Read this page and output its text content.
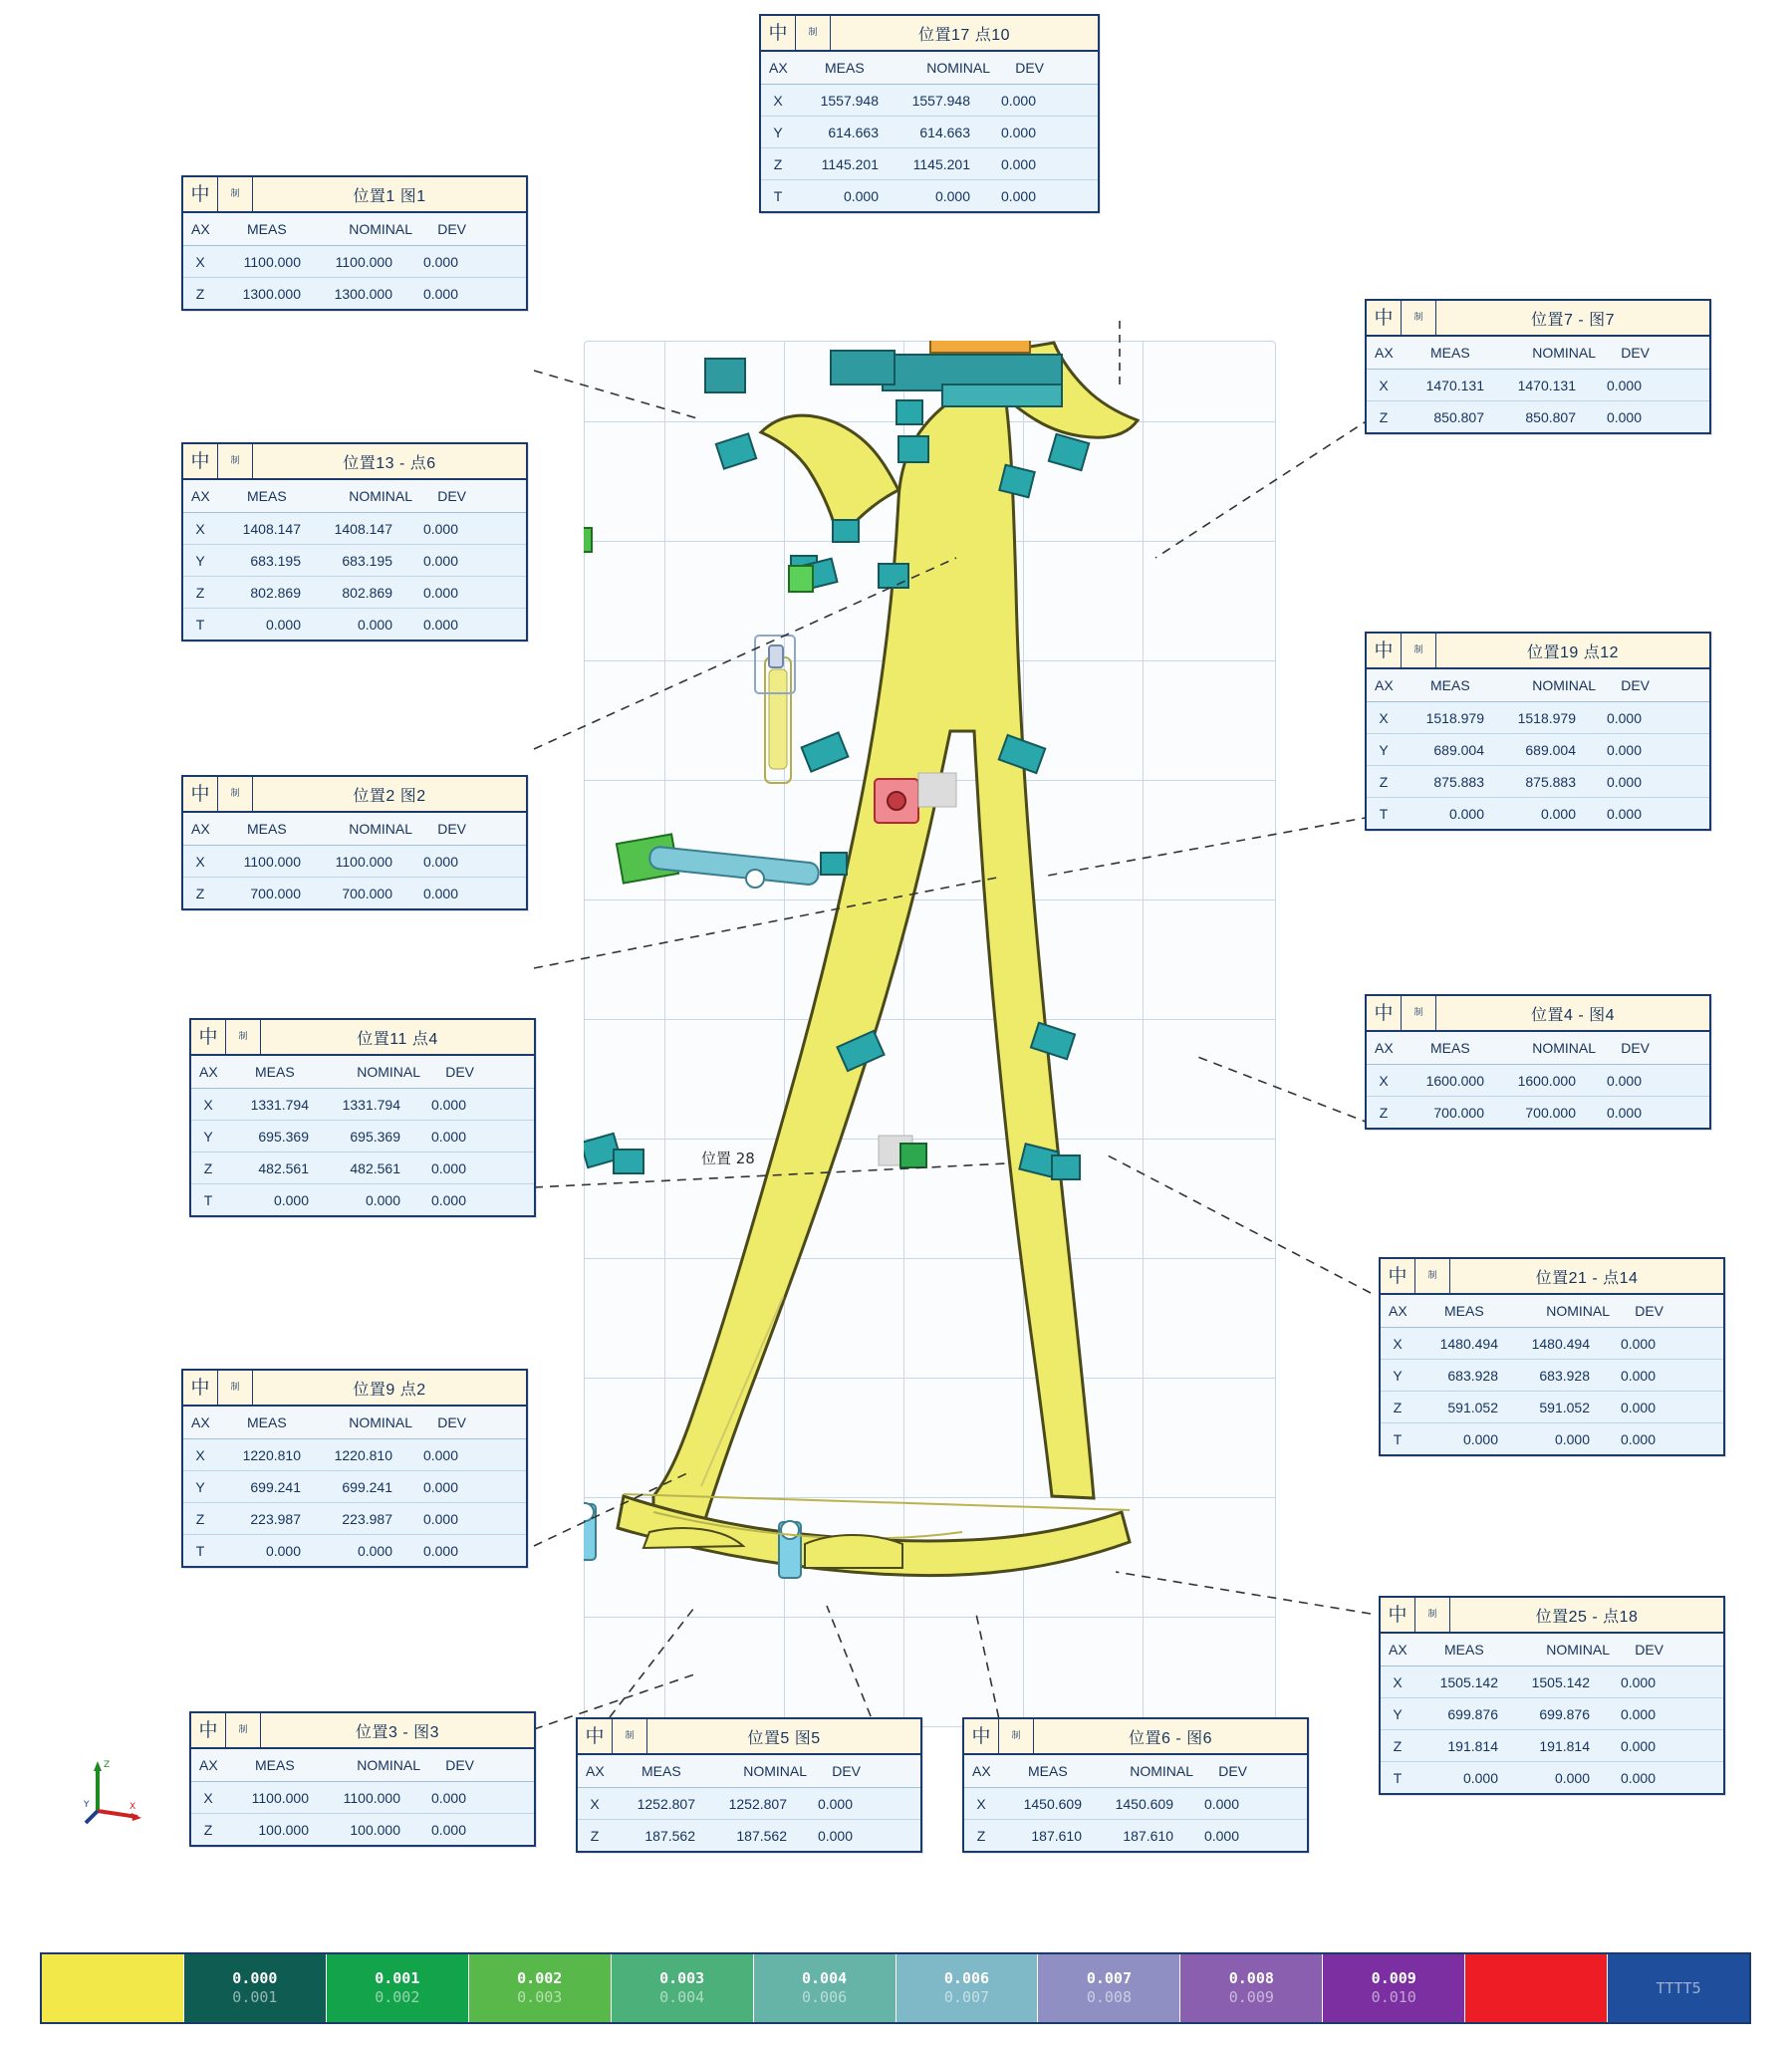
位置 28
中	制	位置17 点10
AX	MEAS	NOMINAL	DEV
X	1557.948	1557.948	0.000
Y	614.663	614.663	0.000
Z	1145.201	1145.201	0.000
T	0.000	0.000	0.000
中	制	位置1 图1
AX	MEAS	NOMINAL	DEV
X	1100.000	1100.000	0.000
Z	1300.000	1300.000	0.000
中	制	位置13 - 点6
AX	MEAS	NOMINAL	DEV
X	1408.147	1408.147	0.000
Y	683.195	683.195	0.000
Z	802.869	802.869	0.000
T	0.000	0.000	0.000
中	制	位置2 图2
AX	MEAS	NOMINAL	DEV
X	1100.000	1100.000	0.000
Z	700.000	700.000	0.000
中	制	位置11 点4
AX	MEAS	NOMINAL	DEV
X	1331.794	1331.794	0.000
Y	695.369	695.369	0.000
Z	482.561	482.561	0.000
T	0.000	0.000	0.000
中	制	位置9 点2
AX	MEAS	NOMINAL	DEV
X	1220.810	1220.810	0.000
Y	699.241	699.241	0.000
Z	223.987	223.987	0.000
T	0.000	0.000	0.000
中	制	位置3 - 图3
AX	MEAS	NOMINAL	DEV
X	1100.000	1100.000	0.000
Z	100.000	100.000	0.000
中	制	位置5 图5
AX	MEAS	NOMINAL	DEV
X	1252.807	1252.807	0.000
Z	187.562	187.562	0.000
中	制	位置6 - 图6
AX	MEAS	NOMINAL	DEV
X	1450.609	1450.609	0.000
Z	187.610	187.610	0.000
中	制	位置7 - 图7
AX	MEAS	NOMINAL	DEV
X	1470.131	1470.131	0.000
Z	850.807	850.807	0.000
中	制	位置19 点12
AX	MEAS	NOMINAL	DEV
X	1518.979	1518.979	0.000
Y	689.004	689.004	0.000
Z	875.883	875.883	0.000
T	0.000	0.000	0.000
中	制	位置4 - 图4
AX	MEAS	NOMINAL	DEV
X	1600.000	1600.000	0.000
Z	700.000	700.000	0.000
中	制	位置21 - 点14
AX	MEAS	NOMINAL	DEV
X	1480.494	1480.494	0.000
Y	683.928	683.928	0.000
Z	591.052	591.052	0.000
T	0.000	0.000	0.000
中	制	位置25 - 点18
AX	MEAS	NOMINAL	DEV
X	1505.142	1505.142	0.000
Y	699.876	699.876	0.000
Z	191.814	191.814	0.000
T	0.000	0.000	0.000
Z
X
Y
0.000
0.001
0.001
0.002
0.002
0.003
0.003
0.004
0.004
0.006
0.006
0.007
0.007
0.008
0.008
0.009
0.009
0.010
TTTT5
